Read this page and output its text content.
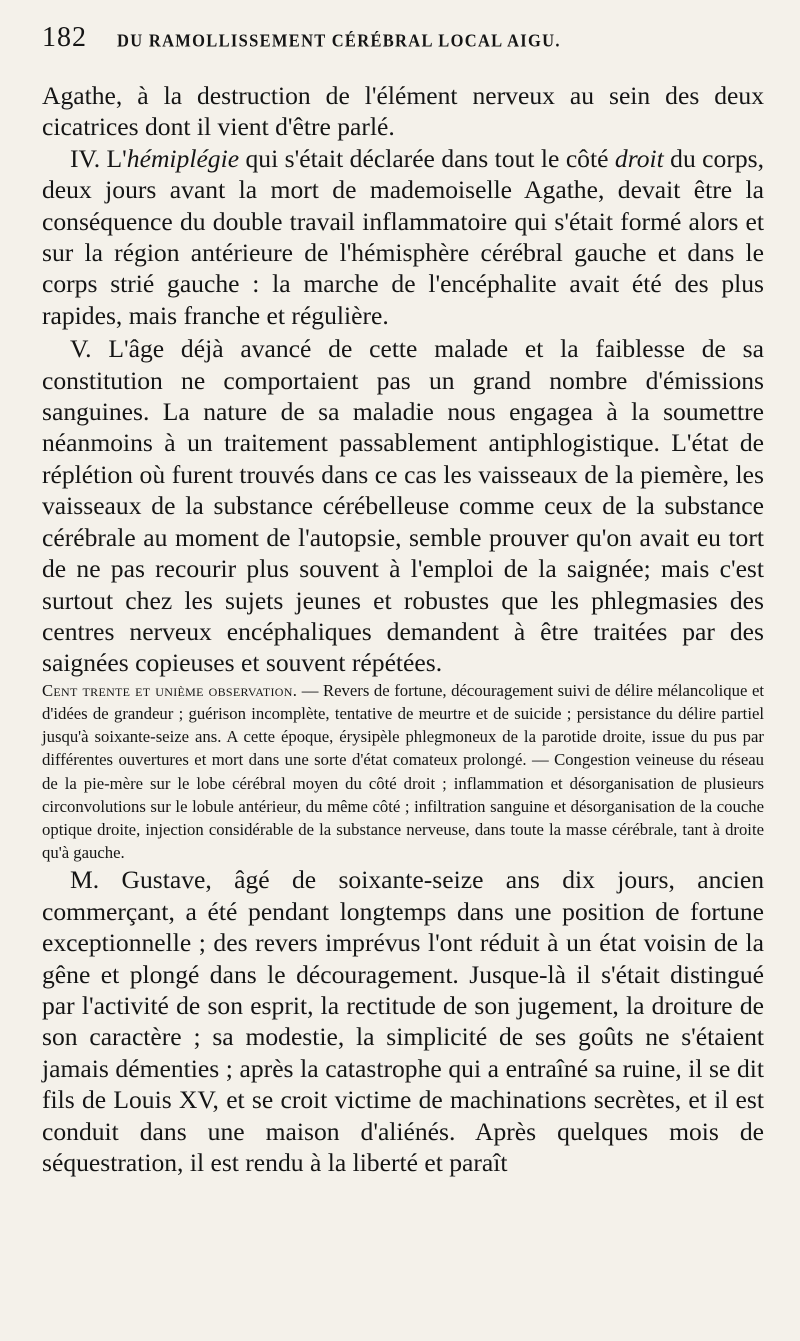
182 DU RAMOLLISSEMENT CÉRÉBRAL LOCAL AIGU.

Agathe, à la destruction de l'élément nerveux au sein des deux cicatrices dont il vient d'être parlé.

IV. L'hémiplégie qui s'était déclarée dans tout le côté droit du corps, deux jours avant la mort de mademoiselle Agathe, devait être la conséquence du double travail inflammatoire qui s'était formé alors et sur la région antérieure de l'hémisphère cérébral gauche et dans le corps strié gauche : la marche de l'encéphalite avait été des plus rapides, mais franche et régulière.

V. L'âge déjà avancé de cette malade et la faiblesse de sa constitution ne comportaient pas un grand nombre d'émissions sanguines. La nature de sa maladie nous engagea à la soumettre néanmoins à un traitement passablement antiphlogistique. L'état de réplétion où furent trouvés dans ce cas les vaisseaux de la piemère, les vaisseaux de la substance cérébelleuse comme ceux de la substance cérébrale au moment de l'autopsie, semble prouver qu'on avait eu tort de ne pas recourir plus souvent à l'emploi de la saignée; mais c'est surtout chez les sujets jeunes et robustes que les phlegmasies des centres nerveux encéphaliques demandent à être traitées par des saignées copieuses et souvent répétées.

Cent trente et unième observation. — Revers de fortune, découragement suivi de délire mélancolique et d'idées de grandeur ; guérison incomplète, tentative de meurtre et de suicide ; persistance du délire partiel jusqu'à soixante-seize ans. A cette époque, érysipèle phlegmoneux de la parotide droite, issue du pus par différentes ouvertures et mort dans une sorte d'état comateux prolongé. — Congestion veineuse du réseau de la pie-mère sur le lobe cérébral moyen du côté droit ; inflammation et désorganisation de plusieurs circonvolutions sur le lobule antérieur, du même côté ; infiltration sanguine et désorganisation de la couche optique droite, injection considérable de la substance nerveuse, dans toute la masse cérébrale, tant à droite qu'à gauche.

M. Gustave, âgé de soixante-seize ans dix jours, ancien commerçant, a été pendant longtemps dans une position de fortune exceptionnelle ; des revers imprévus l'ont réduit à un état voisin de la gêne et plongé dans le découragement. Jusque-là il s'était distingué par l'activité de son esprit, la rectitude de son jugement, la droiture de son caractère ; sa modestie, la simplicité de ses goûts ne s'étaient jamais démenties ; après la catastrophe qui a entraîné sa ruine, il se dit fils de Louis XV, et se croit victime de machinations secrètes, et il est conduit dans une maison d'aliénés. Après quelques mois de séquestration, il est rendu à la liberté et paraît
